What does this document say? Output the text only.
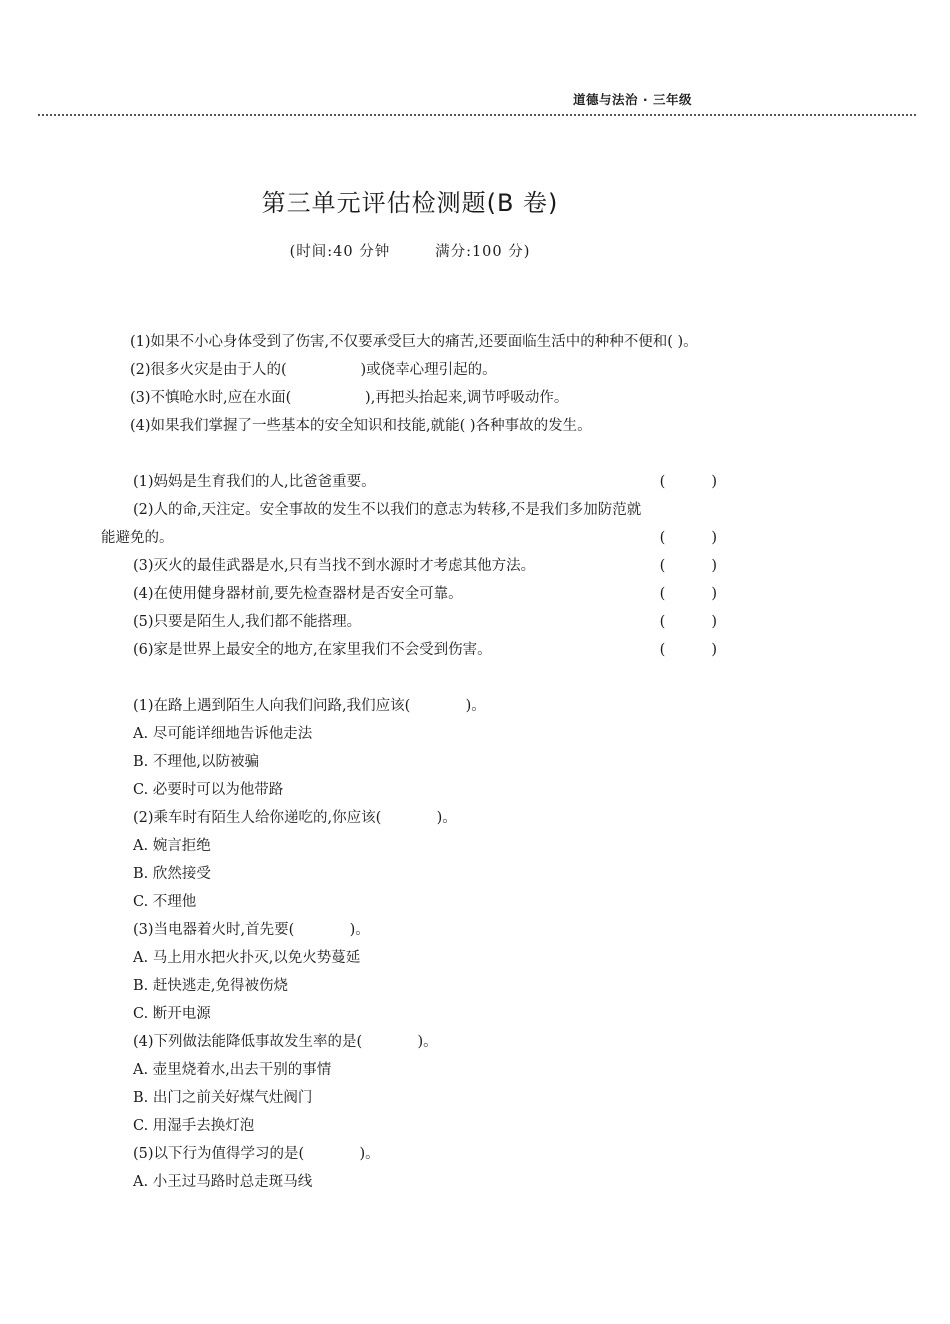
道德与法治 · 三年级
第三单元评估检测题(B 卷)
(时间:40 分钟        满分:100 分)

(1)如果不小心身体受到了伤害,不仅要承受巨大的痛苦,还要面临生活中的种种不便和( )。
(2)很多火灾是由于人的(                )或侥幸心理引起的。
(3)不慎呛水时,应在水面(                ),再把头抬起来,调节呼吸动作。
(4)如果我们掌握了一些基本的安全知识和技能,就能( )各种事故的发生。

(1)妈妈是生育我们的人,比爸爸重要。	(          )
(2)人的命,天注定。安全事故的发生不以我们的意志为转移,不是我们多加防范就
能避免的。	(          )
(3)灭火的最佳武器是水,只有当找不到水源时才考虑其他方法。	(          )
(4)在使用健身器材前,要先检查器材是否安全可靠。	(          )
(5)只要是陌生人,我们都不能搭理。	(          )
(6)家是世界上最安全的地方,在家里我们不会受到伤害。	(          )

(1)在路上遇到陌生人向我们问路,我们应该(            )。
A. 尽可能详细地告诉他走法
B. 不理他,以防被骗
C. 必要时可以为他带路
(2)乘车时有陌生人给你递吃的,你应该(            )。
A. 婉言拒绝
B. 欣然接受
C. 不理他
(3)当电器着火时,首先要(            )。
A. 马上用水把火扑灭,以免火势蔓延
B. 赶快逃走,免得被伤烧
C. 断开电源
(4)下列做法能降低事故发生率的是(            )。
A. 壶里烧着水,出去干别的事情
B. 出门之前关好煤气灶阀门
C. 用湿手去换灯泡
(5)以下行为值得学习的是(            )。
A. 小王过马路时总走斑马线
